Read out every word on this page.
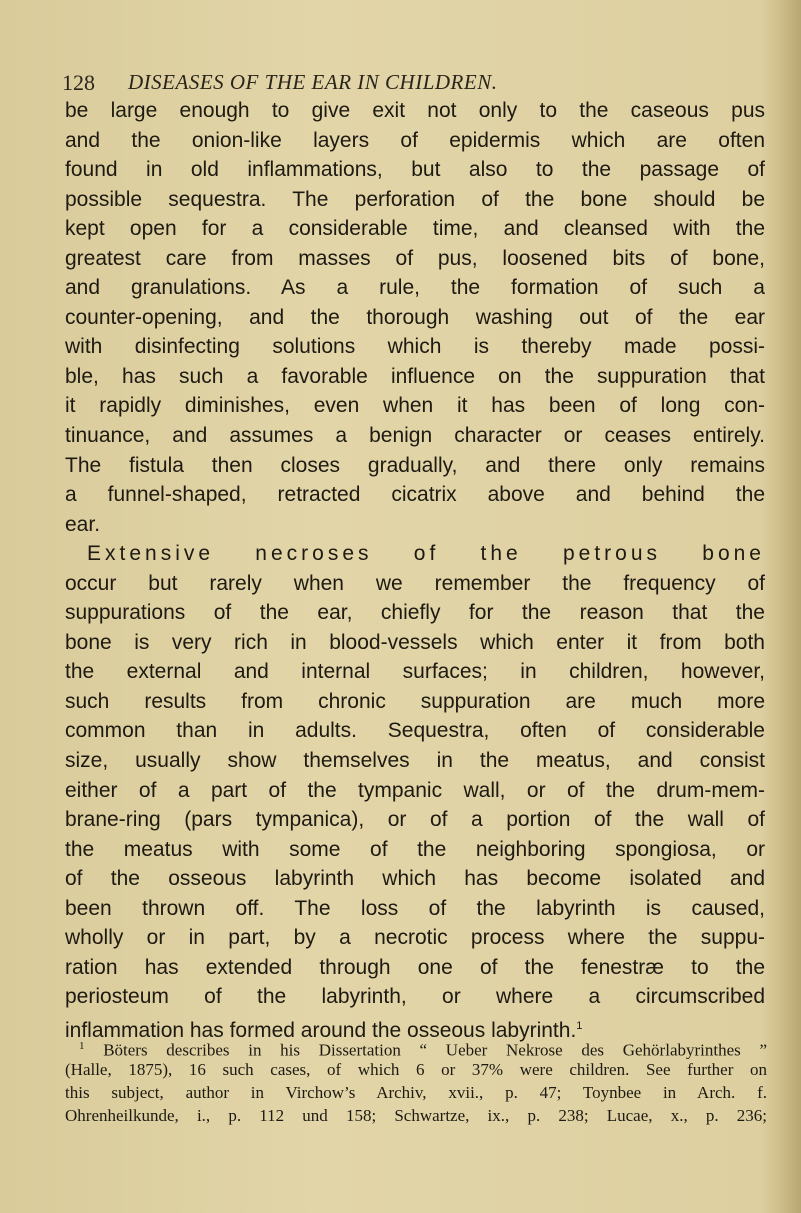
128 DISEASES OF THE EAR IN CHILDREN.
be large enough to give exit not only to the caseous pus
and the onion-like layers of epidermis which are often
found in old inflammations, but also to the passage of
possible sequestra. The perforation of the bone should be
kept open for a considerable time, and cleansed with the
greatest care from masses of pus, loosened bits of bone,
and granulations. As a rule, the formation of such a
counter-opening, and the thorough washing out of the ear
with disinfecting solutions which is thereby made possi-
ble, has such a favorable influence on the suppuration that
it rapidly diminishes, even when it has been of long con-
tinuance, and assumes a benign character or ceases entirely.
The fistula then closes gradually, and there only remains
a funnel-shaped, retracted cicatrix above and behind the
ear.
Extensive necroses of the petrous bone
occur but rarely when we remember the frequency of
suppurations of the ear, chiefly for the reason that the
bone is very rich in blood-vessels which enter it from both
the external and internal surfaces; in children, however,
such results from chronic suppuration are much more
common than in adults. Sequestra, often of considerable
size, usually show themselves in the meatus, and consist
either of a part of the tympanic wall, or of the drum-mem-
brane-ring (pars tympanica), or of a portion of the wall of
the meatus with some of the neighboring spongiosa, or
of the osseous labyrinth which has become isolated and
been thrown off. The loss of the labyrinth is caused,
wholly or in part, by a necrotic process where the suppu-
ration has extended through one of the fenestræ to the
periosteum of the labyrinth, or where a circumscribed
inflammation has formed around the osseous labyrinth.$^1$
$^1$ Böters describes in his Dissertation “ Ueber Nekrose des Gehörlabyrinthes ”
(Halle, 1875), 16 such cases, of which 6 or 37% were children. See further on
this subject, author in Virchow’s Archiv, xvii., p. 47; Toynbee in Arch. f.
Ohrenheilkunde, i., p. 112 und 158; Schwartze, ix., p. 238; Lucae, x., p. 236;
